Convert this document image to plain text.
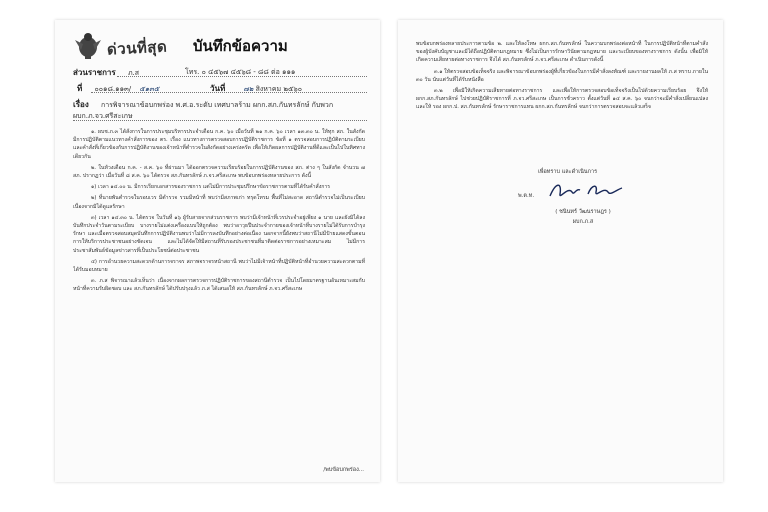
ด่วนที่สุด บันทึกข้อความ
ส่วนราชการ ภ.ส	โทร. ๐ ๔๕๖๗ ๔๕๖๘ - ๘๘ ต่อ ๑๑๑
ที่ ๐๐๑๘.๑๑๓/ ๕๑๓๕	วันที่	๗๒ สิงหาคม ๒๕๖๐
เรื่อง การพิจารณาข้อบกพร่อง พ.ศ.อ.ระดับ เทศบาลร้าม ผกก.สภ.กันทรลักษ์ กับพวก
ผบก.ภ.จว.ศรีสะเกษ

๑. ผบช.ภ.๓ ได้สั่งการในการประชุมบริหารประจำเดือน ก.ค. ๖๐ เมื่อวันที่ ๒๑ ก.ค. ๖๐ เวลา ๑๓.๓๐ น. ให้ทุก สภ. ในสังกัด มีการปฏิบัติตามแนวทางคำสั่งการของ ตร. เรื่อง แนวทางการตรวจสอบการปฏิบัติราชการ ข้อที่ ๑ ตรวจสอบการปฏิบัติตามระเบียบ และคำสั่งที่เกี่ยวข้องกับการปฏิบัติงานของเจ้าหน้าที่ตำรวจในสังกัดอย่างเคร่งครัด เพื่อให้เกิดผลการปฏิบัติงานที่ดีและเป็นไปในทิศทางเดียวกัน

๒. ในห้วงเดือน ก.ค. - ส.ค. ๖๐ ที่ผ่านมา ได้ออกตรวจความเรียบร้อยในการปฏิบัติงานของ สภ. ต่าง ๆ ในสังกัด จำนวน ๗ สภ. ปรากฏว่า เมื่อวันที่ ๘ ส.ค. ๖๐ ได้ตรวจ สภ.กันทรลักษ์ ภ.จว.ศรีสะเกษ พบข้อบกพร่องหลายประการ ดังนี้

๑) เวลา ๑๔.๐๐ น. มีการเรียกเอกสารของราชการ แต่ไม่มีการประชุมปรึกษาข้อราชการตามที่ได้รับคำสั่งการ

๒) ที่นายพันตำรวจในรอบเวร มีตำรวจ รวมมีหน้าที่ พบว่ามีสภาพเก่า ทรุดโทรม พื้นที่ไม่สะอาด สถานีตำรวจไม่เป็นระเบียบ เนื่องจากมิได้ดูแลรักษา

๓) เวลา ๑๔.๓๐ น. ได้ตรวจ ในวันที่ ๑๖ ผู้รับสายจากส่วนราชการ พบว่ามีเจ้าหน้าที่เวรประจำอยู่เพียง ๑ นาย และยังมิได้ลงบันทึกประจำวันตามระเบียบ บางรายไม่แต่งเครื่องแบบให้ถูกต้อง พบว่าอาวุธปืนประจำกายของเจ้าหน้าที่บางรายไม่ได้รับการบำรุงรักษา และเมื่อตรวจสอบสมุดบันทึกการปฏิบัติงานพบว่าไม่มีการลงบันทึกอย่างต่อเนื่อง นอกจากนี้ยังพบว่าสถานีไม่มีป้ายแสดงขั้นตอนการให้บริการประชาชนอย่างชัดเจน และไม่ได้จัดให้มีสถานที่รับรองประชาชนที่มาติดต่อราชการอย่างเหมาะสม ไม่มีการประชาสัมพันธ์ข้อมูลข่าวสารที่เป็นประโยชน์ต่อประชาชน

๔) การอำนวยความสะดวกด้านการจราจร สภาพจราจรหน้าสถานี พบว่าไม่มีเจ้าหน้าที่ปฏิบัติหน้าที่อำนวยความสะดวกตามที่ได้รับมอบหมาย

๓. ภ.ส พิจารณาแล้วเห็นว่า เนื่องจากผลการตรวจการปฏิบัติราชการของสถานีตำรวจ เป็นไปโดยมาตรฐานอันเหมาะสมกับหน้าที่ความรับผิดชอบ และ สภ.กันทรลักษ์ ได้ปรับปรุงแล้ว ภ.ส ได้เสนอให้ สภ.กันทรลักษ์ ภ.จว.ศรีสะเกษ

/พบข้อบกพร่อง...

พบข้อบกพร่องหลายประการตามข้อ ๒. และให้ลงโทษ ผกก.สภ.กันทรลักษ์ ในความบกพร่องต่อหน้าที่ ในการปฏิบัติหน้าที่ตามคำสั่งของผู้บังคับบัญชาและมิได้ถือปฏิบัติตามกฎหมาย ซึ่งไม่เป็นการรักษาวินัยตามกฎหมาย และระเบียบของทางราชการ ดังนั้น เพื่อมิให้เกิดความเสียหายต่อทางราชการ จึงได้ สภ.กันทรลักษ์ ภ.จว.ศรีสะเกษ ดำเนินการดังนี้

๓.๑ ให้ตรวจสอบข้อเท็จจริง และพิจารณาข้อบกพร่องผู้ที่เกี่ยวข้องในการมีคำสั่งลงทัณฑ์ และรายงานผลให้ ภ.ส ทราบ ภายใน ๓๐ วัน นับแต่วันที่ได้รับหนังสือ

๓.๒ เพื่อมิให้เกิดความเสียหายต่อทางราชการ และเพื่อให้การตรวจสอบข้อเท็จจริงเป็นไปด้วยความเรียบร้อย จึงให้ ผกก.สภ.กันทรลักษ์ ไปช่วยปฏิบัติราชการที่ ภ.จว.ศรีสะเกษ เป็นการชั่วคราว ตั้งแต่วันที่ ๑๔ ส.ค. ๖๐ จนกว่าจะมีคำสั่งเปลี่ยนแปลง และให้ รอง ผกก.ป. สภ.กันทรลักษ์ รักษาราชการแทน ผกก.สภ.กันทรลักษ์ จนกว่าการตรวจสอบจะแล้วเสร็จ

เพื่อทราบ และดำเนินการ
พ.ต.ท.
( ชนินทร์ วัฒนราษฎร )
ผบก.ภ.ส
